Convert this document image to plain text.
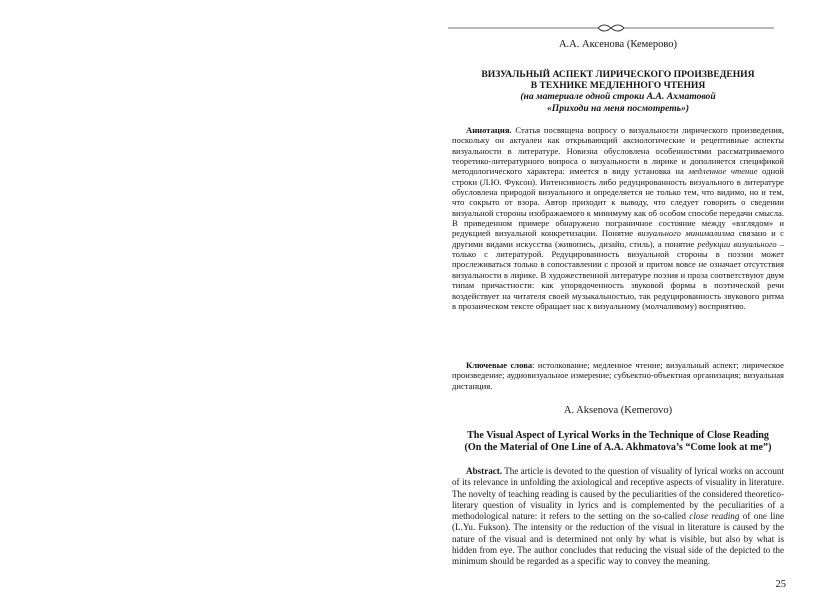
А.А. Аксенова (Кемерово)
ВИЗУАЛЬНЫЙ АСПЕКТ ЛИРИЧЕСКОГО ПРОИЗВЕДЕНИЯ
В ТЕХНИКЕ МЕДЛЕННОГО ЧТЕНИЯ
(на материале одной строки А.А. Ахматовой
«Приходи на меня посмотреть»)

Аннотация. Статья посвящена вопросу о визуальности лирического произведения, поскольку он актуален как открывающий аксиологические и рецептивные аспекты визуальности в литературе. Новизна обусловлена особенностями рассматриваемого теоретико-литературного вопроса о визуальности в лирике и дополняется спецификой методологического характера: имеется в виду установка на медленное чтение одной строки (Л.Ю. Фуксон). Интенсивность либо редуцированность визуального в литературе обусловлена природой визуального и определяется не только тем, что видимо, но и тем, что сокрыто от взора. Автор приходит к выводу, что следует говорить о сведении визуальной стороны изображаемого к минимуму как об особом способе передачи смысла. В приведенном примере обнаружено пограничное состояние между «взглядом» и редукцией визуальной конкретизации. Понятие визуального минимализма связано и с другими видами искусства (живопись, дизайн, стиль), а понятие редукции визуального – только с литературой. Редуцированность визуальной стороны в поэзии может прослеживаться только в сопоставлении с прозой и притом вовсе не означает отсутствия визуальности в лирике. В художественной литературе поэзия и проза соответствуют двум типам причастности: как упорядоченность звуковой формы в поэтической речи воздействует на читателя своей музыкальностью, так редуцированность звукового ритма в прозаическом тексте обращает нас к визуальному (молчаливому) восприятию.

Ключевые слова: истолкование; медленное чтение; визуальный аспект; лирическое произведение; аудиовизуальное измерение; субъектно-объектная организация; визуальная дистанция.

A. Aksenova (Kemerovo)
The Visual Aspect of Lyrical Works in the Technique of Close Reading
(On the Material of One Line of A.A. Akhmatova’s “Come look at me”)

Abstract. The article is devoted to the question of visuality of lyrical works on account of its relevance in unfolding the axiological and receptive aspects of visuality in literature. The novelty of teaching reading is caused by the peculiarities of the considered theoretico-literary question of visuality in lyrics and is complemented by the peculiarities of a methodological nature: it refers to the setting on the so-called close reading of one line (L.Yu. Fukson). The intensity or the reduction of the visual in literature is caused by the nature of the visual and is determined not only by what is visible, but also by what is hidden from eye. The author concludes that reducing the visual side of the depicted to the minimum should be regarded as a specific way to convey the meaning.

25
